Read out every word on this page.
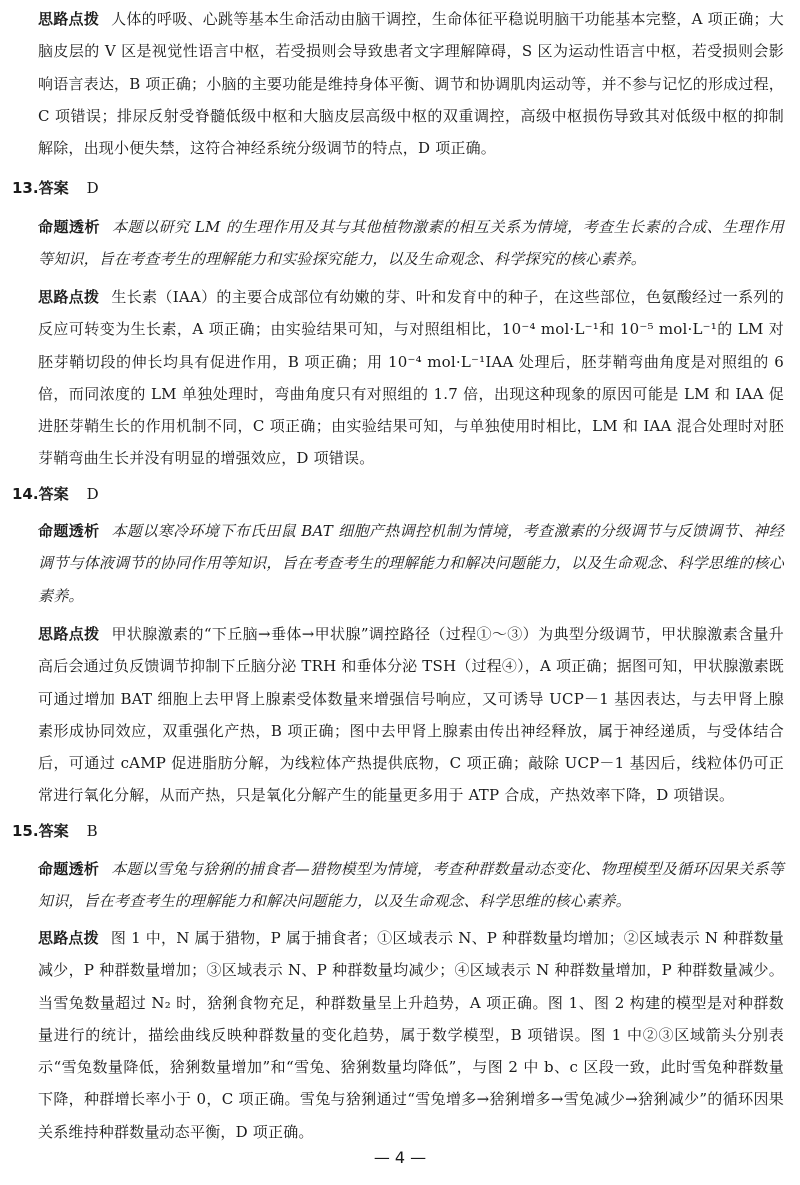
思路点拨 人体的呼吸、心跳等基本生命活动由脑干调控，生命体征平稳说明脑干功能基本完整，A 项正确；大脑皮层的 V 区是视觉性语言中枢，若受损则会导致患者文字理解障碍，S 区为运动性语言中枢，若受损则会影响语言表达，B 项正确；小脑的主要功能是维持身体平衡、调节和协调肌肉运动等，并不参与记忆的形成过程，C 项错误；排尿反射受脊髓低级中枢和大脑皮层高级中枢的双重调控，高级中枢损伤导致其对低级中枢的抑制解除，出现小便失禁，这符合神经系统分级调节的特点，D 项正确。
13.答案 D
命题透析 本题以研究 LM 的生理作用及其与其他植物激素的相互关系为情境，考查生长素的合成、生理作用等知识，旨在考查考生的理解能力和实验探究能力，以及生命观念、科学探究的核心素养。
思路点拨 生长素（IAA）的主要合成部位有幼嫩的芽、叶和发育中的种子，在这些部位，色氨酸经过一系列的反应可转变为生长素，A 项正确；由实验结果可知，与对照组相比，10⁻⁴ mol·L⁻¹和 10⁻⁵ mol·L⁻¹的 LM 对胚芽鞘切段的伸长均具有促进作用，B 项正确；用 10⁻⁴ mol·L⁻¹IAA 处理后，胚芽鞘弯曲角度是对照组的 6 倍，而同浓度的 LM 单独处理时，弯曲角度只有对照组的 1.7 倍，出现这种现象的原因可能是 LM 和 IAA 促进胚芽鞘生长的作用机制不同，C 项正确；由实验结果可知，与单独使用时相比，LM 和 IAA 混合处理时对胚芽鞘弯曲生长并没有明显的增强效应，D 项错误。
14.答案 D
命题透析 本题以寒冷环境下布氏田鼠 BAT 细胞产热调控机制为情境，考查激素的分级调节与反馈调节、神经调节与体液调节的协同作用等知识，旨在考查考生的理解能力和解决问题能力，以及生命观念、科学思维的核心素养。
思路点拨 甲状腺激素的“下丘脑→垂体→甲状腺”调控路径（过程①～③）为典型分级调节，甲状腺激素含量升高后会通过负反馈调节抑制下丘脑分泌 TRH 和垂体分泌 TSH（过程④），A 项正确；据图可知，甲状腺激素既可通过增加 BAT 细胞上去甲肾上腺素受体数量来增强信号响应，又可诱导 UCP－1 基因表达，与去甲肾上腺素形成协同效应，双重强化产热，B 项正确；图中去甲肾上腺素由传出神经释放，属于神经递质，与受体结合后，可通过 cAMP 促进脂肪分解，为线粒体产热提供底物，C 项正确；敲除 UCP－1 基因后，线粒体仍可正常进行氧化分解，从而产热，只是氧化分解产生的能量更多用于 ATP 合成，产热效率下降，D 项错误。
15.答案 B
命题透析 本题以雪兔与猞猁的捕食者—猎物模型为情境，考查种群数量动态变化、物理模型及循环因果关系等知识，旨在考查考生的理解能力和解决问题能力，以及生命观念、科学思维的核心素养。
思路点拨 图 1 中，N 属于猎物，P 属于捕食者；①区域表示 N、P 种群数量均增加；②区域表示 N 种群数量减少，P 种群数量增加；③区域表示 N、P 种群数量均减少；④区域表示 N 种群数量增加，P 种群数量减少。当雪兔数量超过 N₂ 时，猞猁食物充足，种群数量呈上升趋势，A 项正确。图 1、图 2 构建的模型是对种群数量进行的统计，描绘曲线反映种群数量的变化趋势，属于数学模型，B 项错误。图 1 中②③区域箭头分别表示“雪兔数量降低，猞猁数量增加”和“雪兔、猞猁数量均降低”，与图 2 中 b、c 区段一致，此时雪兔种群数量下降，种群增长率小于 0，C 项正确。雪兔与猞猁通过“雪兔增多→猞猁增多→雪兔减少→猞猁减少”的循环因果关系维持种群数量动态平衡，D 项正确。
— 4 —
